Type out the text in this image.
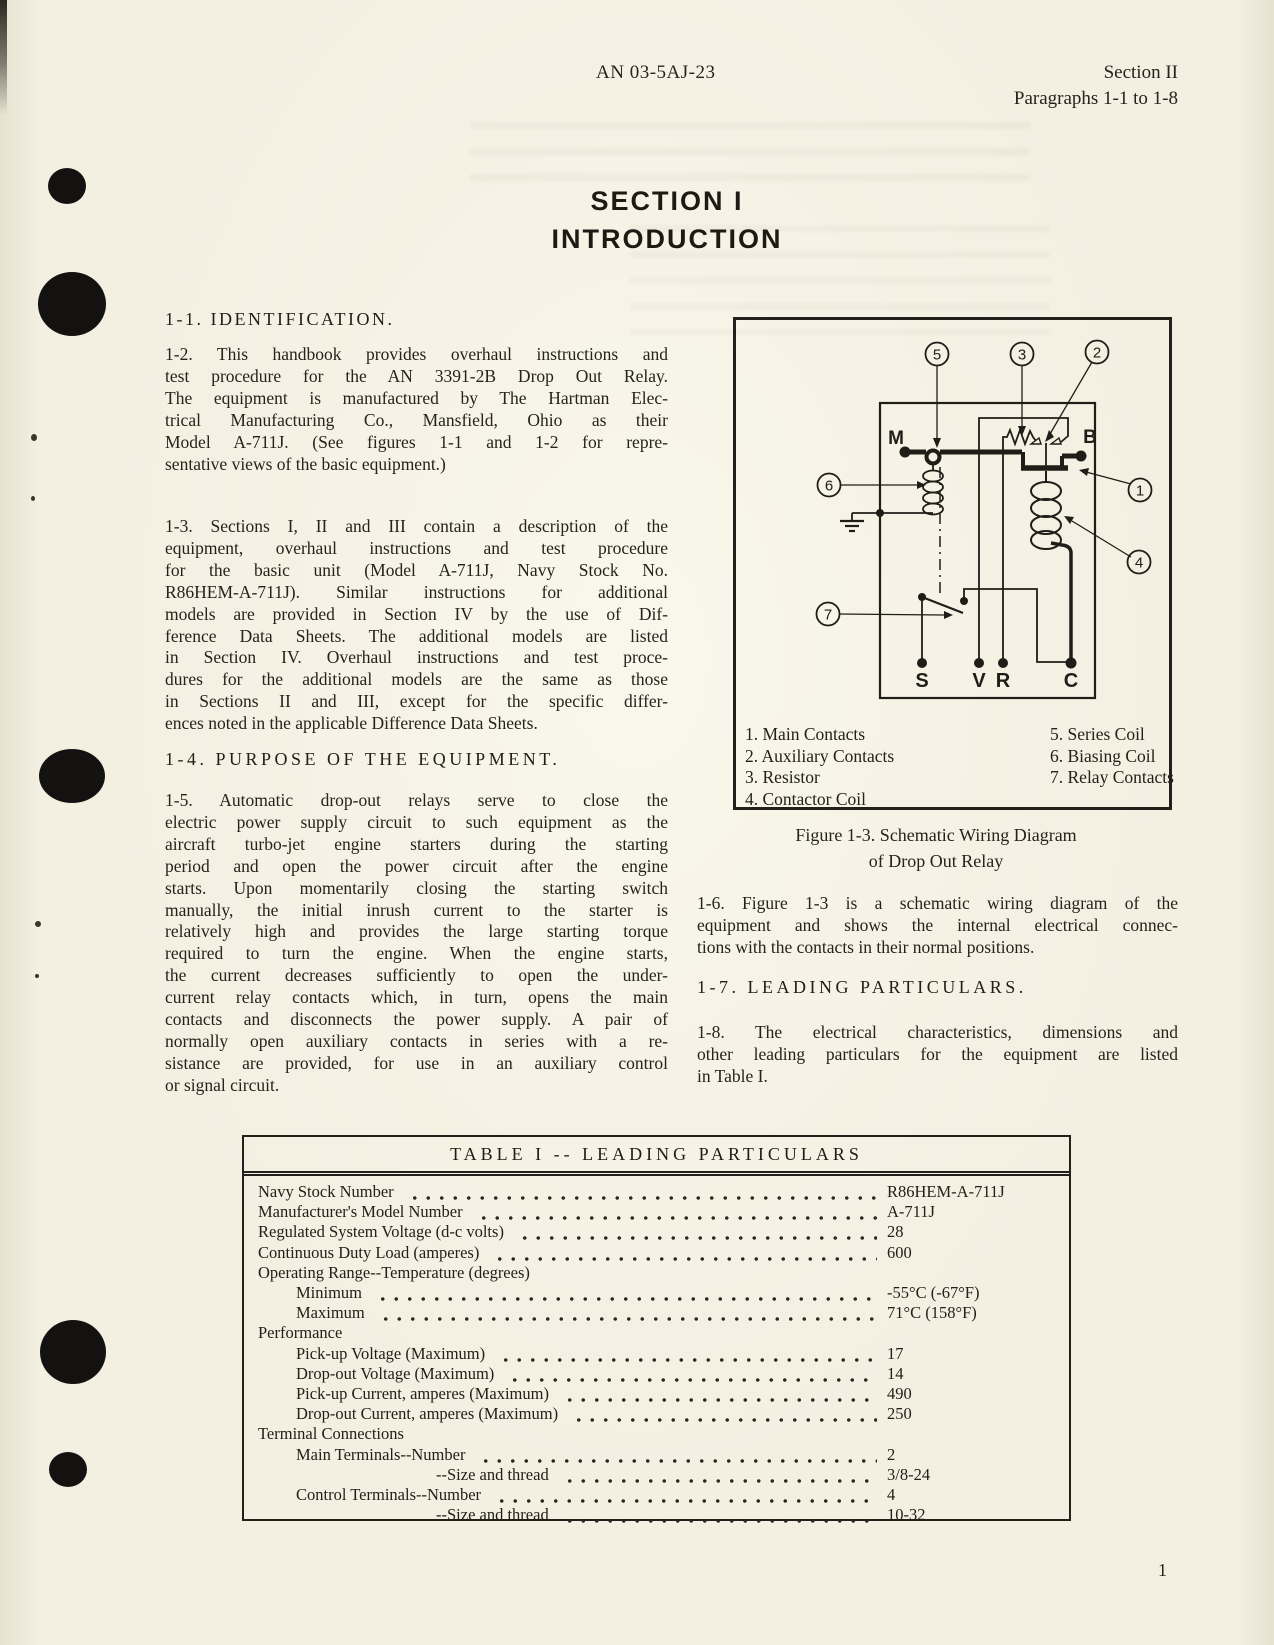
AN 03-5AJ-23	Section II
Paragraphs 1-1 to 1-8
SECTION I
INTRODUCTION
1-1. IDENTIFICATION.
1-2. This handbook provides overhaul instructions and
test procedure for the AN 3391-2B Drop Out Relay.
The equipment is manufactured by The Hartman Elec-
trical Manufacturing Co., Mansfield, Ohio as their
Model A-711J. (See figures 1-1 and 1-2 for repre-
sentative views of the basic equipment.)
1-3. Sections I, II and III contain a description of the
equipment, overhaul instructions and test procedure
for the basic unit (Model A-711J, Navy Stock No.
R86HEM-A-711J). Similar instructions for additional
models are provided in Section IV by the use of Dif-
ference Data Sheets. The additional models are listed
in Section IV. Overhaul instructions and test proce-
dures for the additional models are the same as those
in Sections II and III, except for the specific differ-
ences noted in the applicable Difference Data Sheets.
1-4. PURPOSE OF THE EQUIPMENT.
1-5. Automatic drop-out relays serve to close the
electric power supply circuit to such equipment as the
aircraft turbo-jet engine starters during the starting
period and open the power circuit after the engine
starts. Upon momentarily closing the starting switch
manually, the initial inrush current to the starter is
relatively high and provides the large starting torque
required to turn the engine. When the engine starts,
the current decreases sufficiently to open the under-
current relay contacts which, in turn, opens the main
contacts and disconnects the power supply. A pair of
normally open auxiliary contacts in series with a re-
sistance are provided, for use in an auxiliary control
or signal circuit.
M	B
S V R	C
5	3	2
6	1
4
7
1. Main Contacts
2. Auxiliary Contacts
3. Resistor
4. Contactor Coil
5. Series Coil
6. Biasing Coil
7. Relay Contacts
Figure 1-3. Schematic Wiring Diagram
of Drop Out Relay
1-6. Figure 1-3 is a schematic wiring diagram of the
equipment and shows the internal electrical connec-
tions with the contacts in their normal positions.
1-7. LEADING PARTICULARS.
1-8. The electrical characteristics, dimensions and
other leading particulars for the equipment are listed
in Table I.
TABLE I -- LEADING PARTICULARS
Navy Stock Number	R86HEM-A-711J
Manufacturer's Model Number	A-711J
Regulated System Voltage (d-c volts)	28
Continuous Duty Load (amperes)	600
Operating Range--Temperature (degrees)
Minimum	-55°C (-67°F)
Maximum	71°C (158°F)
Performance
Pick-up Voltage (Maximum)	17
Drop-out Voltage (Maximum)	14
Pick-up Current, amperes (Maximum)	490
Drop-out Current, amperes (Maximum)	250
Terminal Connections
Main Terminals--Number	2
--Size and thread	3/8-24
Control Terminals--Number	4
--Size and thread	10-32
1
